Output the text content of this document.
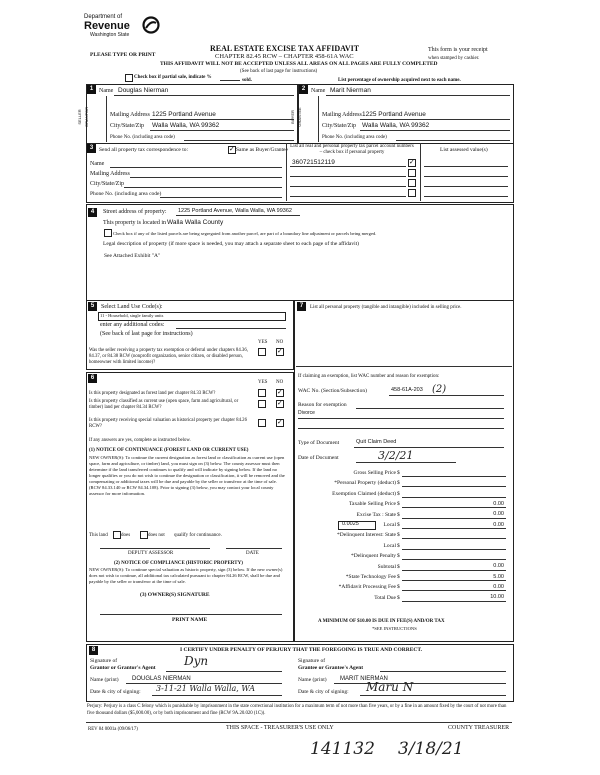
Department of
Revenue
Washington State
PLEASE TYPE OR PRINT
REAL ESTATE EXCISE TAX AFFIDAVIT
CHAPTER 82.45 RCW – CHAPTER 458-61A WAC
THIS AFFIDAVIT WILL NOT BE ACCEPTED UNLESS ALL AREAS ON ALL PAGES ARE FULLY COMPLETED
(See back of last page for instructions)
This form is your receipt
when stamped by cashier.
Check box if partial sale, indicate %
sold.	List percentage of ownership acquired next to each name.
1	2
SELLER GRANTOR	BUYER GRANTEE
Name Douglas Nierman
Mailing Address 1225 Portland Avenue
City/State/Zip Walla Walla, WA 99362
Phone No. (including area code)
Name Marit Nierman
Mailing Address 1225 Portland Avenue
City/State/Zip Walla Walla, WA 99362
Phone No. (including area code)
3	Send all property tax correspondence to:
✓	Same as Buyer/Grantee
List all real and personal property tax parcel account numbers – check box if personal property	List assessed value(s)
Name
Mailing Address
City/State/Zip
Phone No. (including area code)
360721512119
✓
4	Street address of property: 1225 Portland Avenue, Walla Walla, WA 99362
This property is located in Walla Walla County
Check box if any of the listed parcels are being segregated from another parcel, are part of a boundary line adjustment or parcels being merged.
Legal description of property (if more space is needed, you may attach a separate sheet to each page of the affidavit)
See Attached Exhibit "A"
5	Select Land Use Code(s):
11 - Household, single family units
enter any additional codes:
(See back of last page for instructions)
YES NO
Was the seller receiving a property tax exemption or deferral under chapters 84.36, 84.37, or 84.38 RCW (nonprofit organization, senior citizen, or disabled person, homeowner with limited income)?
✓
6
YES NO
Is this property designated as forest land per chapter 84.33 RCW?
✓
Is this property classified as current use (open space, farm and agricultural, or timber) land per chapter 84.34 RCW?
✓
Is this property receiving special valuation as historical property per chapter 84.26 RCW?
✓
If any answers are yes, complete as instructed below.
(1) NOTICE OF CONTINUANCE (FOREST LAND OR CURRENT USE)
NEW OWNER(S): To continue the current designation as forest land or classification as current use (open space, farm and agriculture, or timber) land, you must sign on (3) below. The county assessor must then determine if the land transferred continues to qualify and will indicate by signing below. If the land no longer qualifies or you do not wish to continue the designation or classification, it will be removed and the compensating or additional taxes will be due and payable by the seller or transferor at the time of sale. (RCW 84.33.140 or RCW 84.34.108). Prior to signing (3) below, you may contact your local county assessor for more information.
This land	does	does not qualify for continuance.
DEPUTY ASSESSOR	DATE
(2) NOTICE OF COMPLIANCE (HISTORIC PROPERTY)
NEW OWNER(S): To continue special valuation as historic property, sign (3) below. If the new owner(s) does not wish to continue, all additional tax calculated pursuant to chapter 84.26 RCW, shall be due and payable by the seller or transferor at the time of sale.
(3) OWNER(S) SIGNATURE
PRINT NAME
7	List all personal property (tangible and intangible) included in selling price.
If claiming an exemption, list WAC number and reason for exemption:
WAC No. (Section/Subsection)	458-61A-203 (2)
Reason for exemption
Divorce
Type of Document	Quit Claim Deed
Date of Document	3/2/21
Gross Selling Price $
*Personal Property (deduct) $
Exemption Claimed (deduct) $
Taxable Selling Price $	0.00
Excise Tax : State $	0.00
Local $	0.00
*Delinquent Interest: State $
Local $
*Delinquent Penalty $
Subtotal $	0.00
*State Technology Fee $	5.00
*Affidavit Processing Fee $	0.00
Total Due $	10.00
0.0025
A MINIMUM OF $10.00 IS DUE IN FEE(S) AND/OR TAX
*SEE INSTRUCTIONS
8	I CERTIFY UNDER PENALTY OF PERJURY THAT THE FOREGOING IS TRUE AND CORRECT.
Signature of
Grantor or Grantor's Agent Dyn
Name (print) DOUGLAS NIERMAN
Date & city of signing: 3-11-21 Walla Walla, WA
Signature of
Grantee or Grantee's Agent
Name (print) MARIT NIERMAN
Date & city of signing: Maru N
Perjury: Perjury is a class C felony which is punishable by imprisonment in the state correctional institution for a maximum term of not more than five years, or by a fine in an amount fixed by the court of not more than five thousand dollars ($5,000.00), or by both imprisonment and fine (RCW 9A.20.020 (1C)).
REV 84 0001a (09/06/17)	THIS SPACE - TREASURER'S USE ONLY	COUNTY TREASURER
141132 3/18/21
